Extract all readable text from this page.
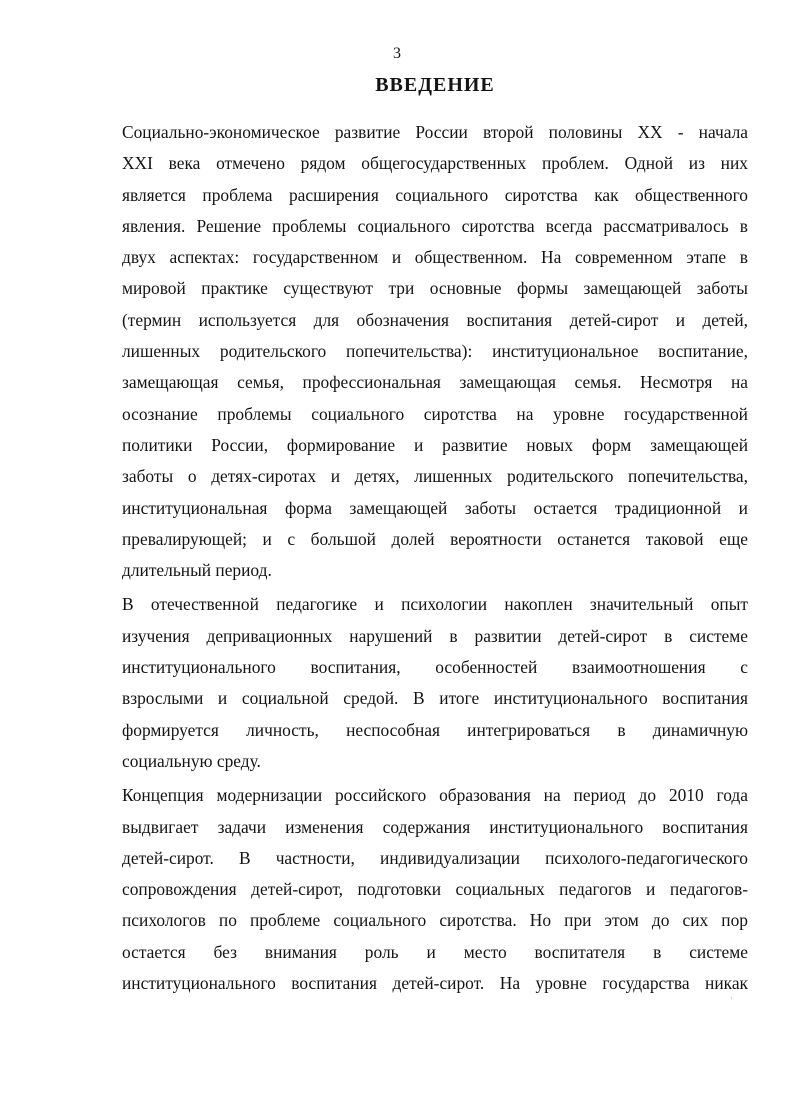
3
ВВЕДЕНИЕ

Социально-экономическое развитие России второй половины XX - начала
XXI века отмечено рядом общегосударственных проблем. Одной из них
является проблема расширения социального сиротства как общественного
явления. Решение проблемы социального сиротства всегда рассматривалось в
двух аспектах: государственном и общественном. На современном этапе в
мировой практике существуют три основные формы замещающей заботы
(термин используется для обозначения воспитания детей-сирот и детей,
лишенных родительского попечительства): институциональное воспитание,
замещающая семья, профессиональная замещающая семья. Несмотря на
осознание проблемы социального сиротства на уровне государственной
политики России, формирование и развитие новых форм замещающей
заботы о детях-сиротах и детях, лишенных родительского попечительства,
институциональная форма замещающей заботы остается традиционной и
превалирующей; и с большой долей вероятности останется таковой еще
длительный период.

В отечественной педагогике и психологии накоплен значительный опыт
изучения депривационных нарушений в развитии детей-сирот в системе
институционального воспитания, особенностей взаимоотношения с
взрослыми и социальной средой. В итоге институционального воспитания
формируется личность, неспособная интегрироваться в динамичную
социальную среду.

Концепция модернизации российского образования на период до 2010 года
выдвигает задачи изменения содержания институционального воспитания
детей-сирот. В частности, индивидуализации психолого-педагогического
сопровождения детей-сирот, подготовки социальных педагогов и педагогов-
психологов по проблеме социального сиротства. Но при этом до сих пор
остается без внимания роль и место воспитателя в системе
институционального воспитания детей-сирот. На уровне государства никак

·
